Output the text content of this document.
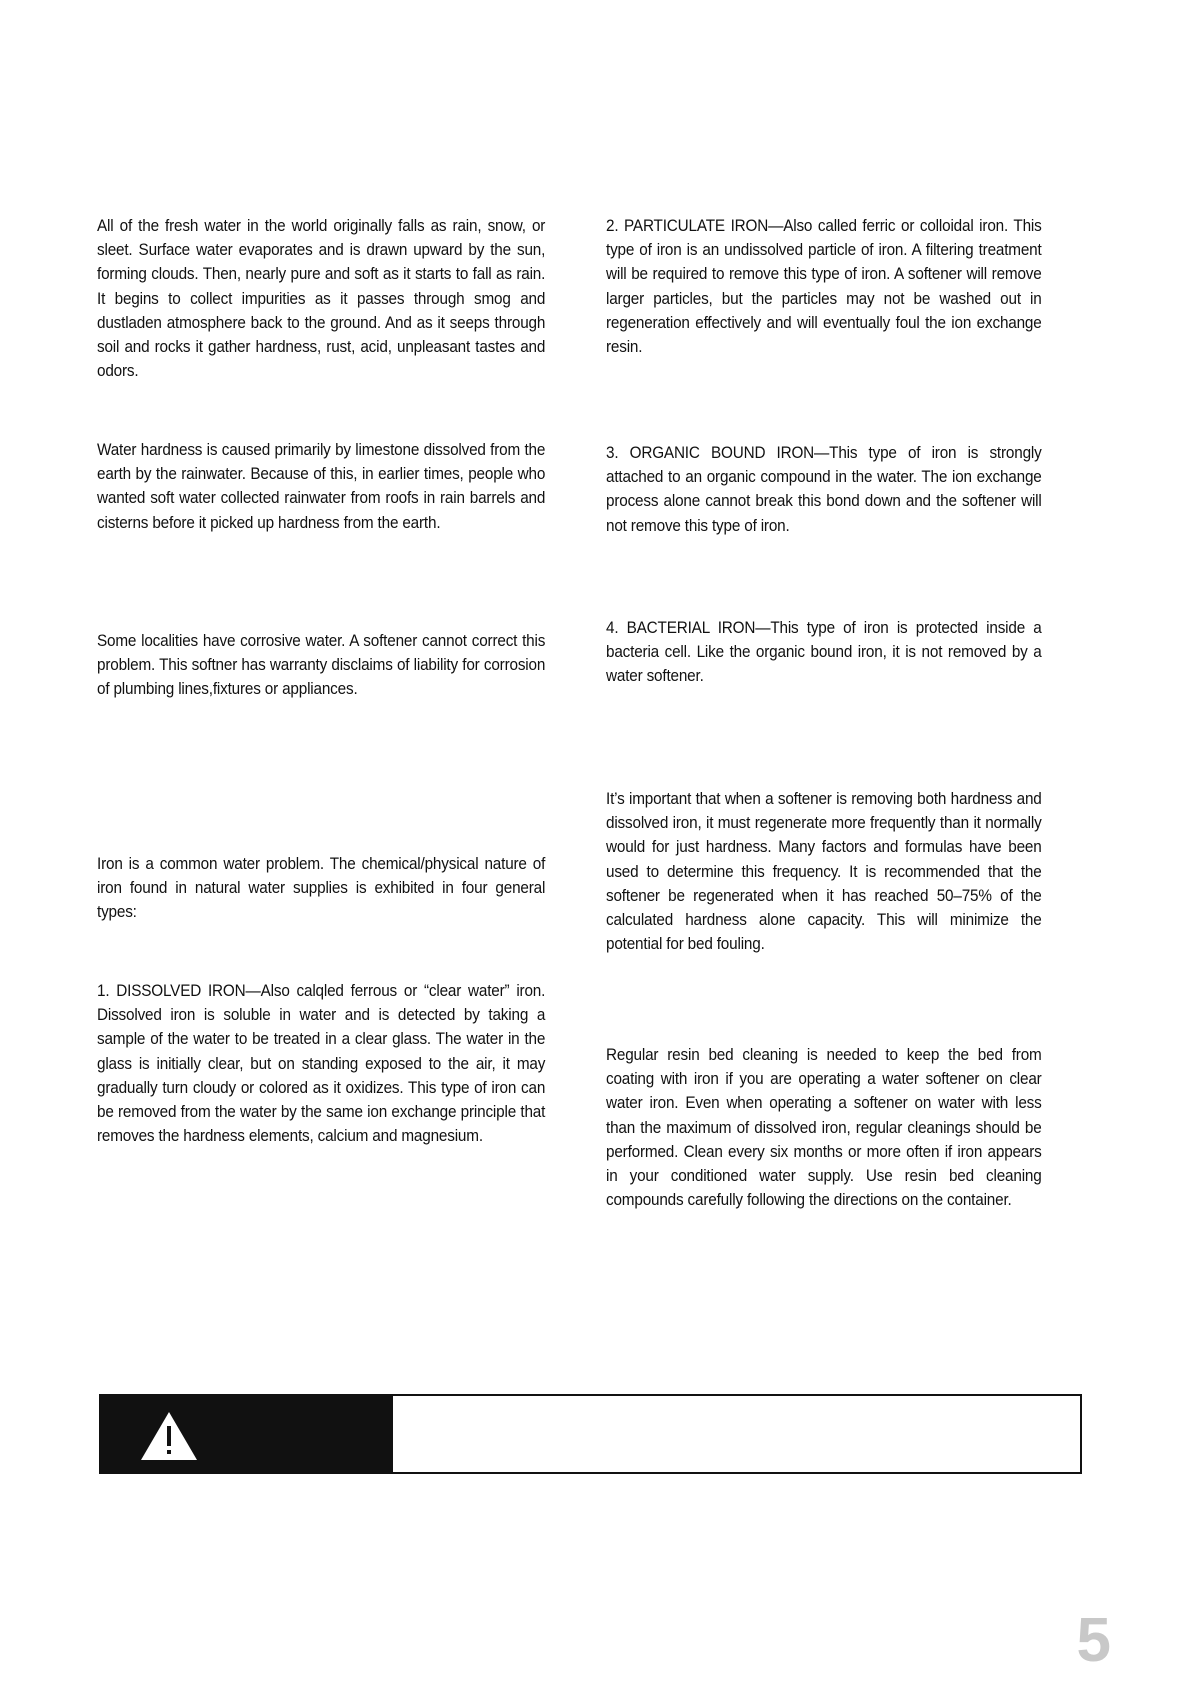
All of the fresh water in the world originally falls as rain, snow, or sleet. Surface water evaporates and is drawn upward by the sun, forming clouds. Then, nearly pure and soft as it starts to fall as rain. It begins to collect impurities as it passes through smog and dustladen atmosphere back to the ground. And as it seeps through soil and rocks it gather hardness, rust, acid, unpleasant tastes and odors.

Water hardness is caused primarily by limestone dissolved from the earth by the rainwater. Because of this, in earlier times, people who wanted soft water collected rainwater from roofs in rain barrels and cisterns before it picked up hardness from the earth.

Some localities have corrosive water. A softener cannot correct this problem. This softner has warranty disclaims of liability for corrosion of plumbing lines,fixtures or appliances.

Iron is a common water problem. The chemical/physical nature of iron found in natural water supplies is exhibited in four general types:

1. DISSOLVED IRON—Also calqled ferrous or “clear water” iron. Dissolved iron is soluble in water and is detected by taking a sample of the water to be treated in a clear glass. The water in the glass is initially clear, but on standing exposed to the air, it may gradually turn cloudy or colored as it oxidizes. This type of iron can be removed from the water by the same ion exchange principle that removes the hardness elements, calcium and magnesium.

2. PARTICULATE IRON—Also called ferric or colloidal iron. This type of iron is an undissolved particle of iron. A filtering treatment will be required to remove this type of iron. A softener will remove larger particles, but the particles may not be washed out in regeneration effectively and will eventually foul the ion exchange resin.

3. ORGANIC BOUND IRON—This type of iron is strongly attached to an organic compound in the water. The ion exchange process alone cannot break this bond down and the softener will not remove this type of iron.

4. BACTERIAL IRON—This type of iron is protected inside a bacteria cell. Like the organic bound iron, it is not removed by a water softener.

It’s important that when a softener is removing both hardness and dissolved iron, it must regenerate more frequently than it normally would for just hardness. Many factors and formulas have been used to determine this frequency. It is recommended that the softener be regenerated when it has reached 50–75% of the calculated hardness alone capacity. This will minimize the potential for bed fouling.

Regular resin bed cleaning is needed to keep the bed from coating with iron if you are operating a water softener on clear water iron. Even when operating a softener on water with less than the maximum of dissolved iron, regular cleanings should be performed. Clean every six months or more often if iron appears in your conditioned water supply. Use resin bed cleaning compounds carefully following the directions on the container.

5
